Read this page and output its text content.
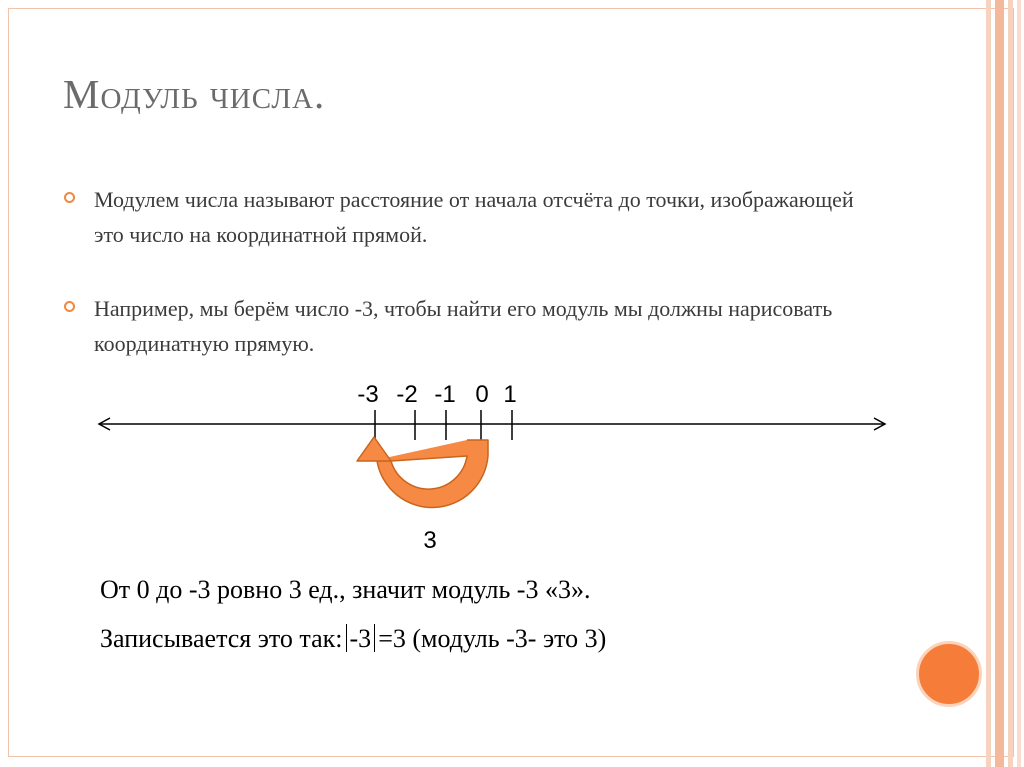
Модуль числа.

Модулем числа называют расстояние от начала отсчёта до точки, изображающей это число на координатной прямой.

Например, мы берём число -3, чтобы найти его модуль мы должны нарисовать координатную прямую.

-3 -2 -1 0 1
3

От 0 до -3 ровно 3 ед., значит модуль -3 «3».

Записывается это так: -3 =3 (модуль -3- это 3)
